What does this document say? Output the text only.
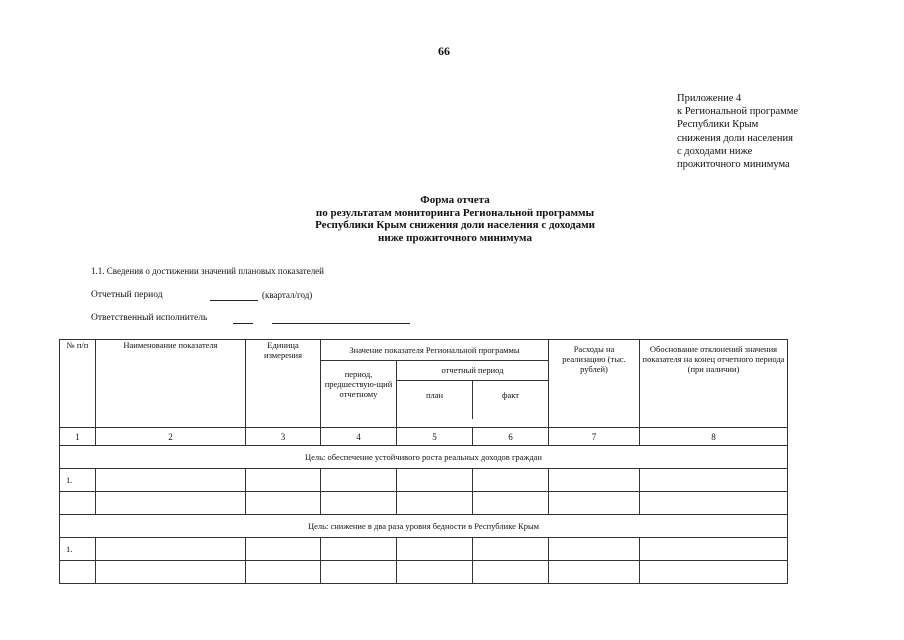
66
Приложение 4
к Региональной программе
Республики Крым
снижения доли населения
с доходами ниже
прожиточного минимума
Форма отчета
по результатам мониторинга Региональной программы
Республики Крым снижения доли населения с доходами
ниже прожиточного минимума
1.1. Сведения о достижении значений плановых показателей
Отчетный период	(квартал/год)
Ответственный исполнитель
№ п/п	Наименование показателя	Единица измерения	Значение показателя Региональной программы			Расходы на реализацию (тыс. рублей)	Обоснование отклонений значения показателя на конец отчетного периода (при наличии)
			период, предшествую-щий отчетному	отчетный период
план факт			

1	2	3	4	5	6	7	8
Цель: обеспечение устойчивого роста реальных доходов граждан							
1.							

Цель: снижение в два раза уровня бедности в Республике Крым							
1.							
